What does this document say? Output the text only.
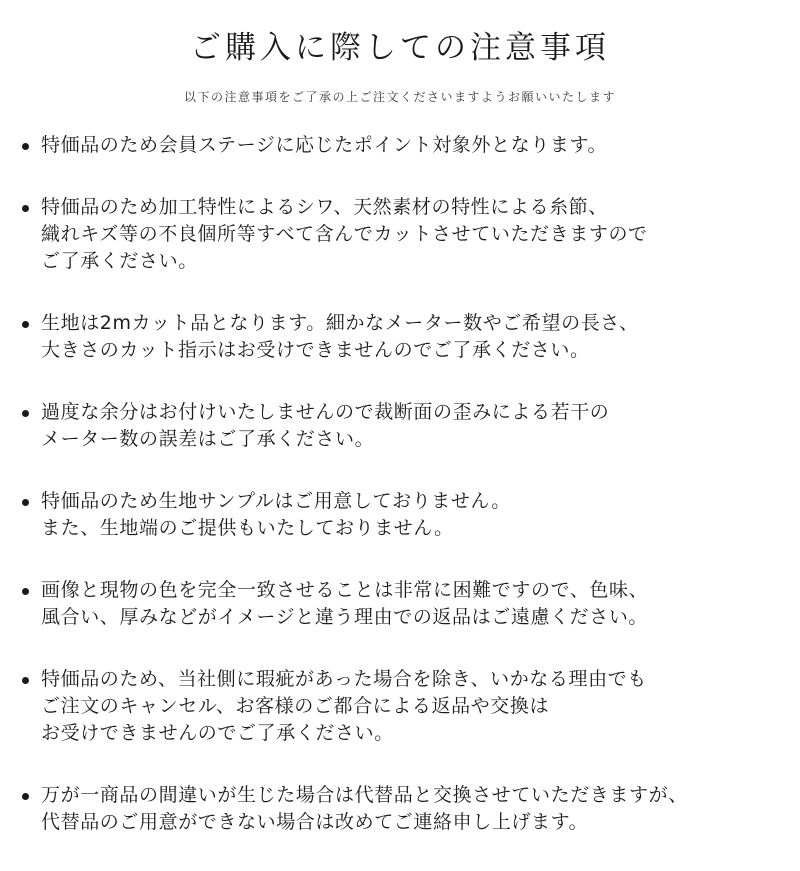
ご購入に際しての注意事項

以下の注意事項をご了承の上ご注文くださいますようお願いいたします

特価品のため会員ステージに応じたポイント対象外となります。
特価品のため加工特性によるシワ、天然素材の特性による糸節、
織れキズ等の不良個所等すべて含んでカットさせていただきますので
ご了承ください。
生地は2mカット品となります。細かなメーター数やご希望の長さ、
大きさのカット指示はお受けできませんのでご了承ください。
過度な余分はお付けいたしませんので裁断面の歪みによる若干の
メーター数の誤差はご了承ください。
特価品のため生地サンプルはご用意しておりません。
また、生地端のご提供もいたしておりません。
画像と現物の色を完全一致させることは非常に困難ですので、色味、
風合い、厚みなどがイメージと違う理由での返品はご遠慮ください。
特価品のため、当社側に瑕疵があった場合を除き、いかなる理由でも
ご注文のキャンセル、お客様のご都合による返品や交換は
お受けできませんのでご了承ください。
万が一商品の間違いが生じた場合は代替品と交換させていただきますが、
代替品のご用意ができない場合は改めてご連絡申し上げます。
